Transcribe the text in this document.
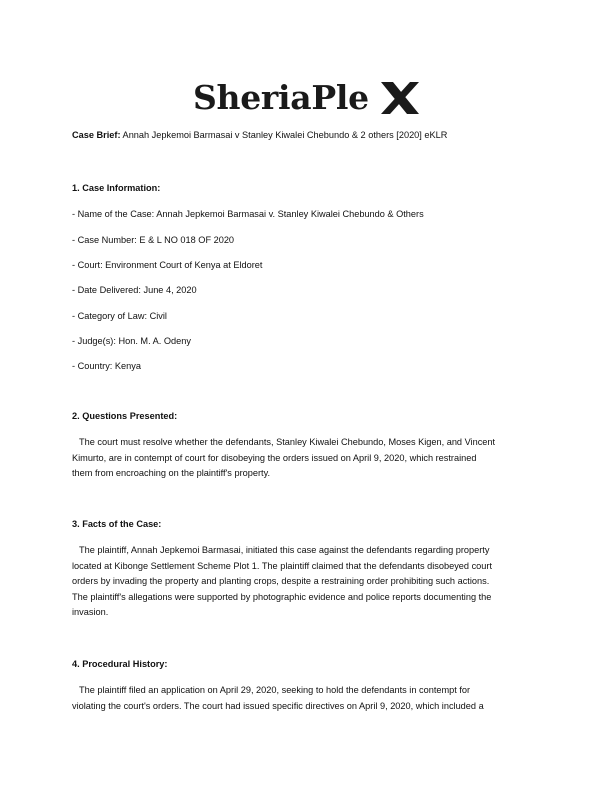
SheriaPle
Case Brief: Annah Jepkemoi Barmasai v Stanley Kiwalei Chebundo & 2 others [2020] eKLR
1. Case Information:
- Name of the Case: Annah Jepkemoi Barmasai v. Stanley Kiwalei Chebundo & Others
- Case Number: E & L NO 018 OF 2020
- Court: Environment Court of Kenya at Eldoret
- Date Delivered: June 4, 2020
- Category of Law: Civil
- Judge(s): Hon. M. A. Odeny
- Country: Kenya
2. Questions Presented:
The court must resolve whether the defendants, Stanley Kiwalei Chebundo, Moses Kigen, and Vincent
Kimurto, are in contempt of court for disobeying the orders issued on April 9, 2020, which restrained
them from encroaching on the plaintiff's property.
3. Facts of the Case:
The plaintiff, Annah Jepkemoi Barmasai, initiated this case against the defendants regarding property
located at Kibonge Settlement Scheme Plot 1. The plaintiff claimed that the defendants disobeyed court
orders by invading the property and planting crops, despite a restraining order prohibiting such actions.
The plaintiff's allegations were supported by photographic evidence and police reports documenting the
invasion.
4. Procedural History:
The plaintiff filed an application on April 29, 2020, seeking to hold the defendants in contempt for
violating the court's orders. The court had issued specific directives on April 9, 2020, which included a
